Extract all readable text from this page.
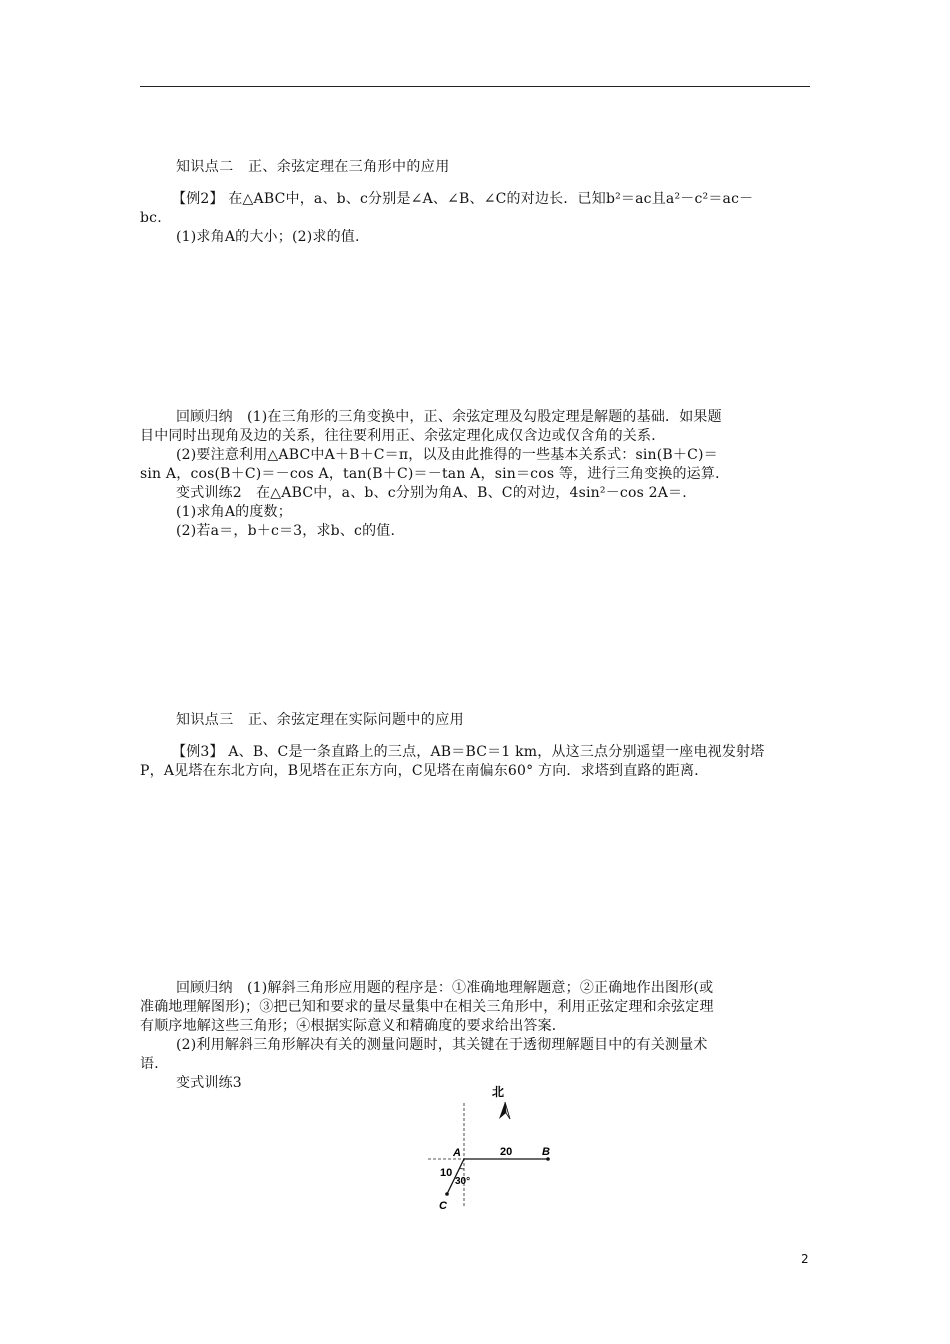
知识点二　正、余弦定理在三角形中的应用
【例2】 在△ABC中，a、b、c分别是∠A、∠B、∠C的对边长．已知b²＝ac且a²－c²＝ac－
bc.
(1)求角A的大小；(2)求的值.
回顾归纳　(1)在三角形的三角变换中，正、余弦定理及勾股定理是解题的基础．如果题
目中同时出现角及边的关系，往往要利用正、余弦定理化成仅含边或仅含角的关系．
(2)要注意利用△ABC中A＋B＋C＝π，以及由此推得的一些基本关系式：sin(B＋C)＝
sin A，cos(B＋C)＝－cos A，tan(B＋C)＝－tan A，sin＝cos 等，进行三角变换的运算．
变式训练2　在△ABC中，a、b、c分别为角A、B、C的对边，4sin²－cos 2A＝.
(1)求角A的度数；
(2)若a＝，b＋c＝3，求b、c的值.
知识点三　正、余弦定理在实际问题中的应用
【例3】 A、B、C是一条直路上的三点，AB＝BC＝1 km，从这三点分别遥望一座电视发射塔
P，A见塔在东北方向，B见塔在正东方向，C见塔在南偏东60° 方向．求塔到直路的距离．
回顾归纳　(1)解斜三角形应用题的程序是：①准确地理解题意；②正确地作出图形(或
准确地理解图形)；③把已知和要求的量尽量集中在相关三角形中，利用正弦定理和余弦定理
有顺序地解这些三角形；④根据实际意义和精确度的要求给出答案．
(2)利用解斜三角形解决有关的测量问题时，其关键在于透彻理解题目中的有关测量术
语．
变式训练3
北
A	B
C
20
10
30°
2
